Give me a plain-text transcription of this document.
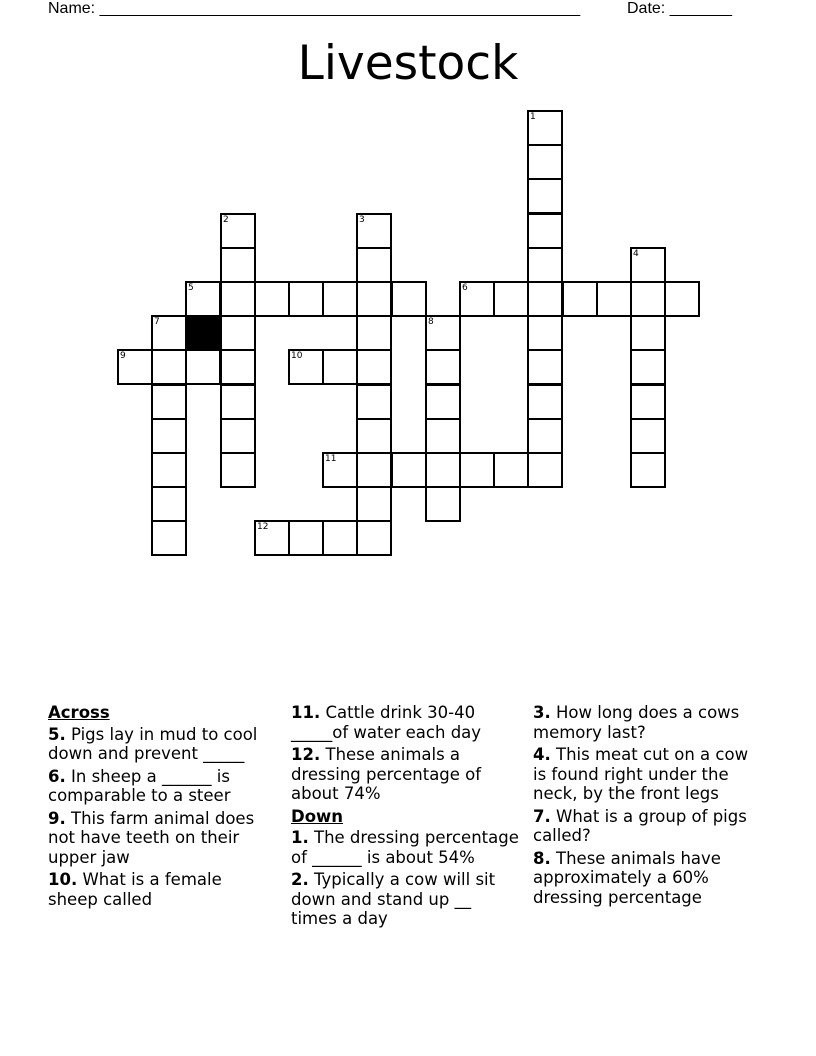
Name: ______________________________________________________	Date: _______
Livestock
1
2	3
4
5	6
7	8
9	10
11
12
Across
5. Pigs lay in mud to cool down and prevent _____
6. In sheep a ______ is comparable to a steer
9. This farm animal does not have teeth on their upper jaw
10. What is a female sheep called
11. Cattle drink 30-40 _____of water each day
12. These animals a dressing percentage of about 74%
Down
1. The dressing percentage of ______ is about 54%
2. Typically a cow will sit down and stand up __ times a day
3. How long does a cows memory last?
4. This meat cut on a cow is found right under the neck, by the front legs
7. What is a group of pigs called?
8. These animals have approximately a 60% dressing percentage
